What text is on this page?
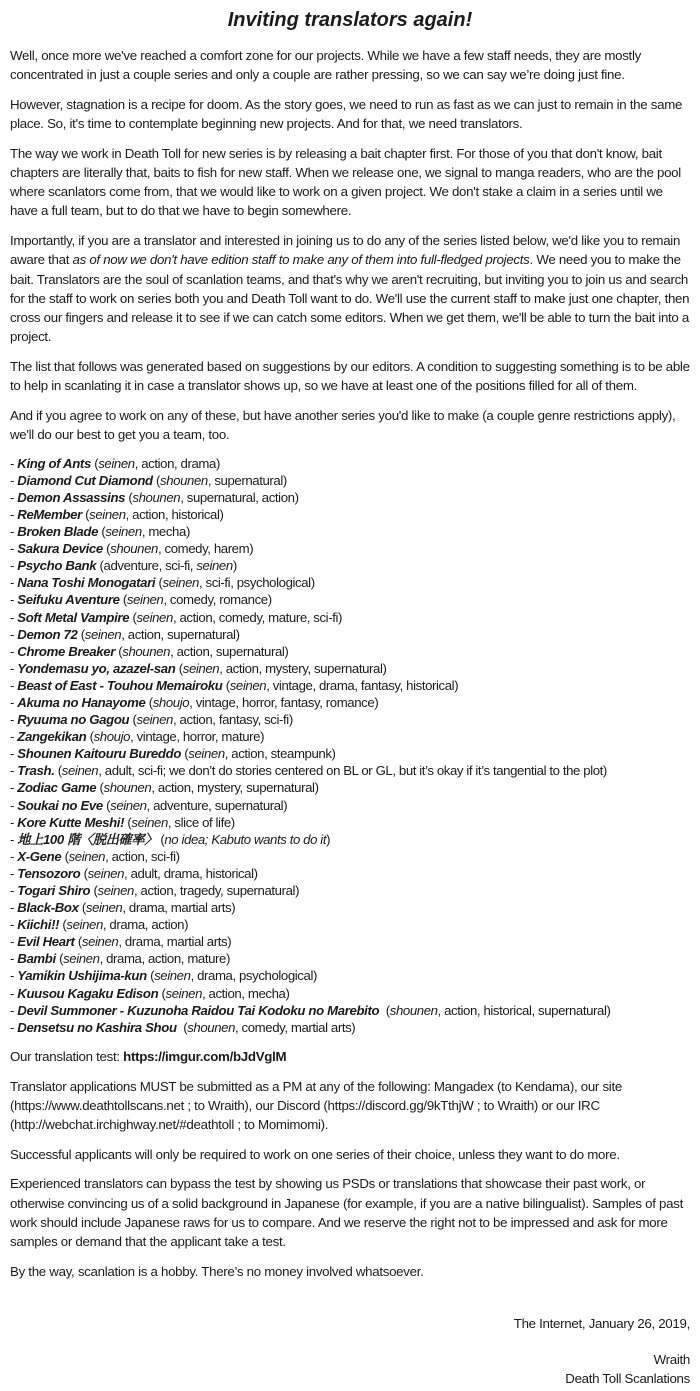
Inviting translators again!

Well, once more we've reached a comfort zone for our projects. While we have a few staff needs, they are mostly concentrated in just a couple series and only a couple are rather pressing, so we can say we’re doing just fine.

However, stagnation is a recipe for doom. As the story goes, we need to run as fast as we can just to remain in the same place. So, it's time to contemplate beginning new projects. And for that, we need translators.

The way we work in Death Toll for new series is by releasing a bait chapter first. For those of you that don't know, bait chapters are literally that, baits to fish for new staff. When we release one, we signal to manga readers, who are the pool where scanlators come from, that we would like to work on a given project. We don't stake a claim in a series until we have a full team, but to do that we have to begin somewhere.

Importantly, if you are a translator and interested in joining us to do any of the series listed below, we'd like you to remain aware that as of now we don't have edition staff to make any of them into full-fledged projects. We need you to make the bait. Translators are the soul of scanlation teams, and that's why we aren't recruiting, but inviting you to join us and search for the staff to work on series both you and Death Toll want to do. We'll use the current staff to make just one chapter, then cross our fingers and release it to see if we can catch some editors. When we get them, we'll be able to turn the bait into a project.

The list that follows was generated based on suggestions by our editors. A condition to suggesting something is to be able to help in scanlating it in case a translator shows up, so we have at least one of the positions filled for all of them.

And if you agree to work on any of these, but have another series you'd like to make (a couple genre restrictions apply), we'll do our best to get you a team, too.

- King of Ants (seinen, action, drama)
- Diamond Cut Diamond (shounen, supernatural)
- Demon Assassins (shounen, supernatural, action)
- ReMember (seinen, action, historical)
- Broken Blade (seinen, mecha)
- Sakura Device (shounen, comedy, harem)
- Psycho Bank (adventure, sci-fi, seinen)
- Nana Toshi Monogatari (seinen, sci-fi, psychological)
- Seifuku Aventure (seinen, comedy, romance)
- Soft Metal Vampire (seinen, action, comedy, mature, sci-fi)
- Demon 72 (seinen, action, supernatural)
- Chrome Breaker (shounen, action, supernatural)
- Yondemasu yo, azazel-san (seinen, action, mystery, supernatural)
- Beast of East - Touhou Memairoku (seinen, vintage, drama, fantasy, historical)
- Akuma no Hanayome (shoujo, vintage, horror, fantasy, romance)
- Ryuuma no Gagou (seinen, action, fantasy, sci-fi)
- Zangekikan (shoujo, vintage, horror, mature)
- Shounen Kaitouru Bureddo (seinen, action, steampunk)
- Trash. (seinen, adult, sci-fi; we don’t do stories centered on BL or GL, but it’s okay if it’s tangential to the plot)
- Zodiac Game (shounen, action, mystery, supernatural)
- Soukai no Eve (seinen, adventure, supernatural)
- Kore Kutte Meshi! (seinen, slice of life)
- 地上100 階〈脱出確率〉 (no idea; Kabuto wants to do it)
- X-Gene (seinen, action, sci-fi)
- Tensozoro (seinen, adult, drama, historical)
- Togari Shiro (seinen, action, tragedy, supernatural)
- Black-Box (seinen, drama, martial arts)
- Kiichi!! (seinen, drama, action)
- Evil Heart (seinen, drama, martial arts)
- Bambi (seinen, drama, action, mature)
- Yamikin Ushijima-kun (seinen, drama, psychological)
- Kuusou Kagaku Edison (seinen, action, mecha)
- Devil Summoner - Kuzunoha Raidou Tai Kodoku no Marebito  (shounen, action, historical, supernatural)
- Densetsu no Kashira Shou  (shounen, comedy, martial arts)

Our translation test: https://imgur.com/bJdVglM

Translator applications MUST be submitted as a PM at any of the following: Mangadex (to Kendama), our site (https://www.deathtollscans.net ; to Wraith), our Discord (https://discord.gg/9kTthjW ; to Wraith) or our IRC (http://webchat.irchighway.net/#deathtoll ; to Momimomi).

Successful applicants will only be required to work on one series of their choice, unless they want to do more.

Experienced translators can bypass the test by showing us PSDs or translations that showcase their past work, or otherwise convincing us of a solid background in Japanese (for example, if you are a native bilingualist). Samples of past work should include Japanese raws for us to compare. And we reserve the right not to be impressed and ask for more samples or demand that the applicant take a test.

By the way, scanlation is a hobby. There’s no money involved whatsoever.

The Internet, January 26, 2019,
Wraith
Death Toll Scanlations
